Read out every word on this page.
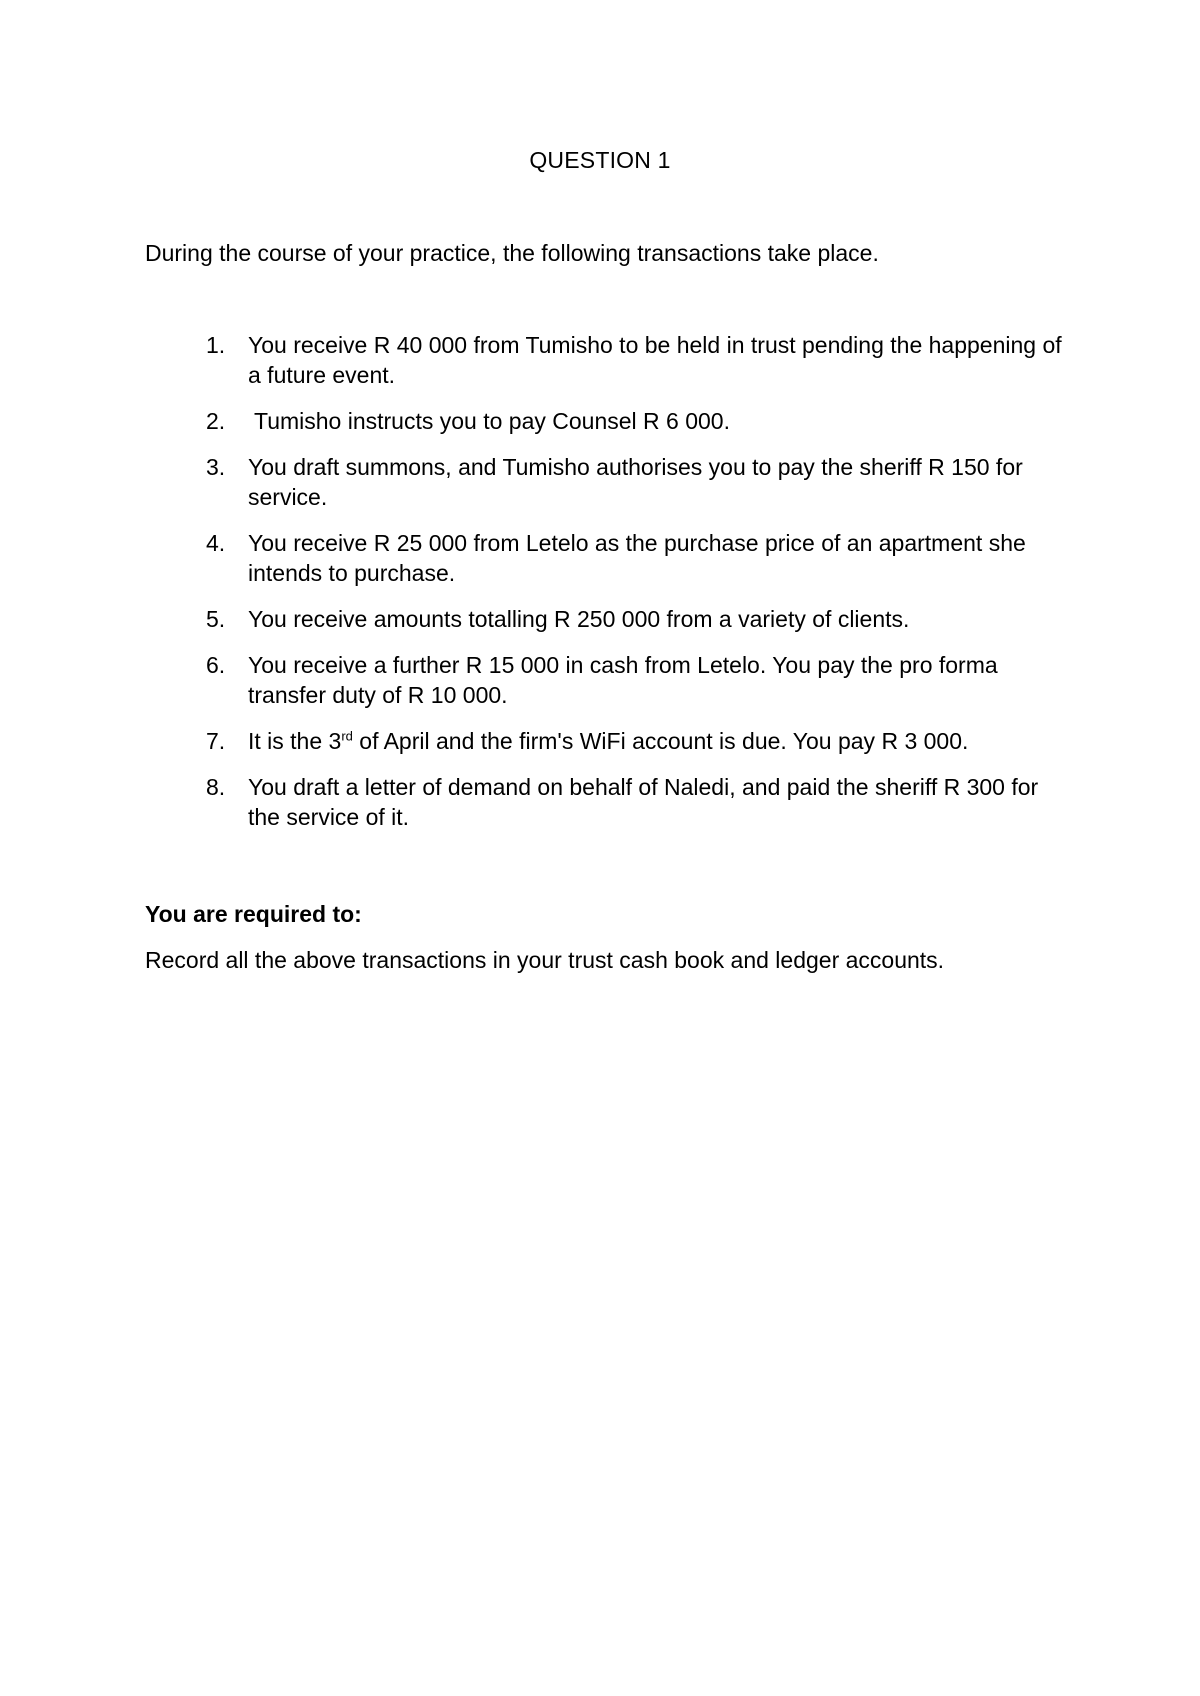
QUESTION 1
During the course of your practice, the following transactions take place.
1. You receive R 40 000 from Tumisho to be held in trust pending the happening of a future event.
2. Tumisho instructs you to pay Counsel R 6 000.
3. You draft summons, and Tumisho authorises you to pay the sheriff R 150 for service.
4. You receive R 25 000 from Letelo as the purchase price of an apartment she intends to purchase.
5. You receive amounts totalling R 250 000 from a variety of clients.
6. You receive a further R 15 000 in cash from Letelo. You pay the pro forma transfer duty of R 10 000.
7. It is the 3rd of April and the firm's WiFi account is due. You pay R 3 000.
8. You draft a letter of demand on behalf of Naledi, and paid the sheriff R 300 for the service of it.
You are required to:
Record all the above transactions in your trust cash book and ledger accounts.
